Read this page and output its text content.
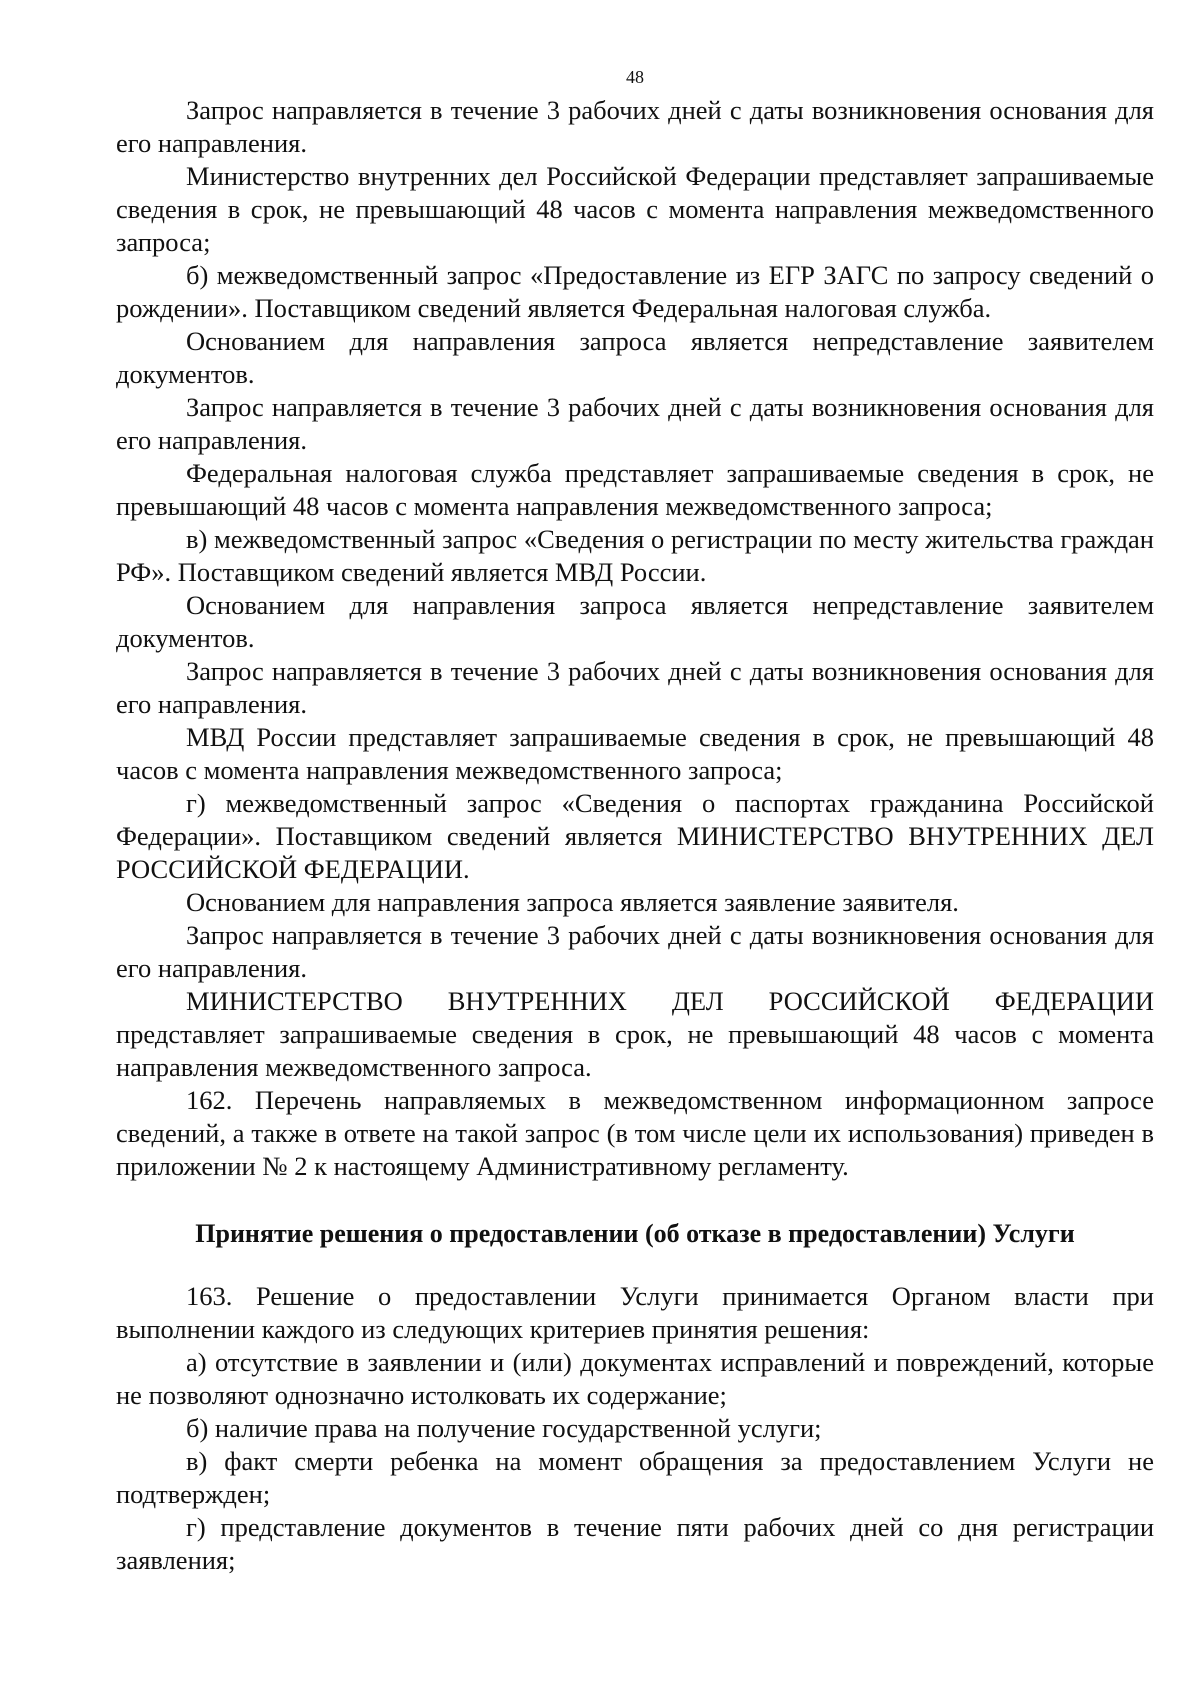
48

Запрос направляется в течение 3 рабочих дней с даты возникновения основания для его направления.

Министерство внутренних дел Российской Федерации представляет запрашиваемые сведения в срок, не превышающий 48 часов с момента направления межведомственного запроса;

б) межведомственный запрос «Предоставление из ЕГР ЗАГС по запросу сведений о рождении». Поставщиком сведений является Федеральная налоговая служба.

Основанием для направления запроса является непредставление заявителем документов.

Запрос направляется в течение 3 рабочих дней с даты возникновения основания для его направления.

Федеральная налоговая служба представляет запрашиваемые сведения в срок, не превышающий 48 часов с момента направления межведомственного запроса;

в) межведомственный запрос «Сведения о регистрации по месту жительства граждан РФ». Поставщиком сведений является МВД России.

Основанием для направления запроса является непредставление заявителем документов.

Запрос направляется в течение 3 рабочих дней с даты возникновения основания для его направления.

МВД России представляет запрашиваемые сведения в срок, не превышающий 48 часов с момента направления межведомственного запроса;

г) межведомственный запрос «Сведения о паспортах гражданина Российской Федерации». Поставщиком сведений является МИНИСТЕРСТВО ВНУТРЕННИХ ДЕЛ РОССИЙСКОЙ ФЕДЕРАЦИИ.

Основанием для направления запроса является заявление заявителя.

Запрос направляется в течение 3 рабочих дней с даты возникновения основания для его направления.

МИНИСТЕРСТВО ВНУТРЕННИХ ДЕЛ РОССИЙСКОЙ ФЕДЕРАЦИИ представляет запрашиваемые сведения в срок, не превышающий 48 часов с момента направления межведомственного запроса.

162. Перечень направляемых в межведомственном информационном запросе сведений, а также в ответе на такой запрос (в том числе цели их использования) приведен в приложении № 2 к настоящему Административному регламенту.

Принятие решения о предоставлении (об отказе в предоставлении) Услуги

163. Решение о предоставлении Услуги принимается Органом власти при выполнении каждого из следующих критериев принятия решения:

а) отсутствие в заявлении и (или) документах исправлений и повреждений, которые не позволяют однозначно истолковать их содержание;

б) наличие права на получение государственной услуги;

в) факт смерти ребенка на момент обращения за предоставлением Услуги не подтвержден;

г) представление документов в течение пяти рабочих дней со дня регистрации заявления;
